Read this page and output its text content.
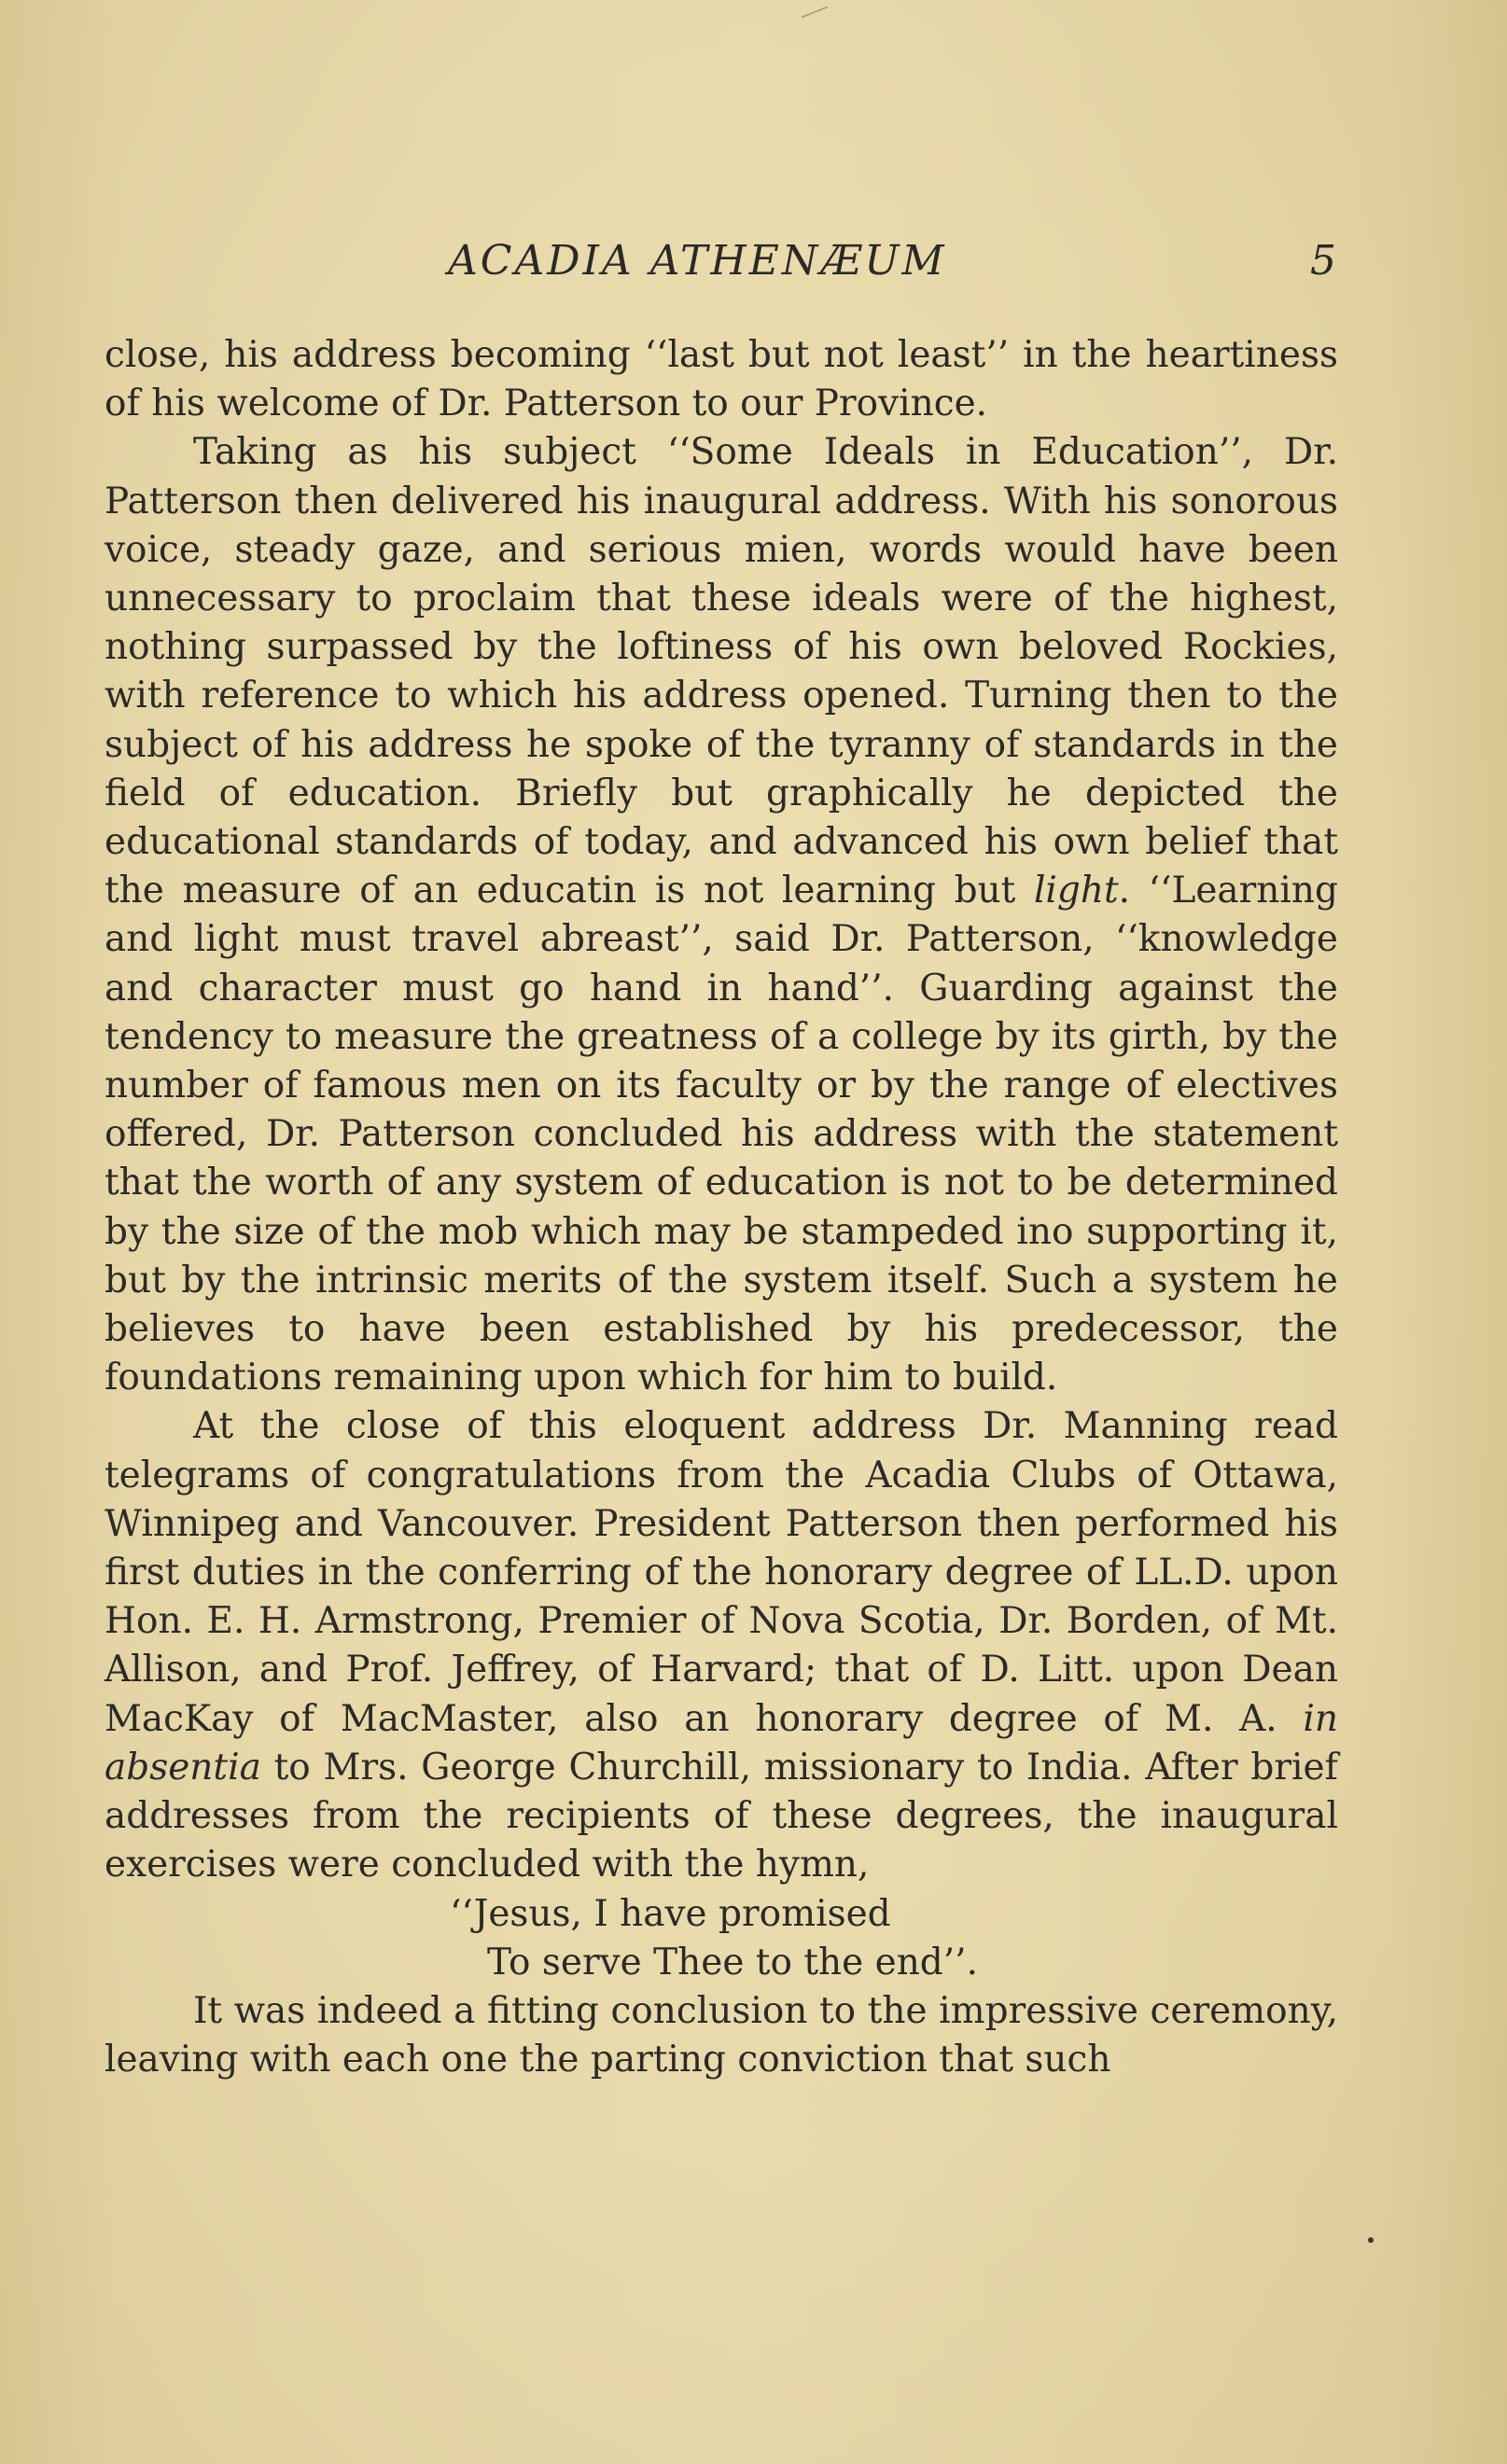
ACADIA ATHENÆUM	5

close, his address becoming ‘‘last but not least’’ in the heartiness of his welcome of Dr. Patterson to our Province.

Taking as his subject ‘‘Some Ideals in Education’’, Dr. Patterson then delivered his inaugural address. With his sonorous voice, steady gaze, and serious mien, words would have been unnecessary to proclaim that these ideals were of the highest, nothing surpassed by the loftiness of his own beloved Rockies, with reference to which his address opened. Turning then to the subject of his address he spoke of the tyranny of standards in the field of education. Briefly but graphically he depicted the educational standards of today, and advanced his own belief that the measure of an educatin is not learning but light. ‘‘Learning and light must travel abreast’’, said Dr. Patterson, ‘‘knowledge and character must go hand in hand’’. Guarding against the tendency to measure the greatness of a college by its girth, by the number of famous men on its faculty or by the range of electives offered, Dr. Patterson concluded his address with the statement that the worth of any system of education is not to be determined by the size of the mob which may be stampeded ino supporting it, but by the intrinsic merits of the system itself. Such a system he believes to have been established by his predecessor, the foundations remaining upon which for him to build.

At the close of this eloquent address Dr. Manning read telegrams of congratulations from the Acadia Clubs of Ottawa, Winnipeg and Vancouver. President Patterson then performed his first duties in the conferring of the honorary degree of LL.D. upon Hon. E. H. Armstrong, Premier of Nova Scotia, Dr. Borden, of Mt. Allison, and Prof. Jeffrey, of Harvard; that of D. Litt. upon Dean MacKay of MacMaster, also an honorary degree of M. A. in absentia to Mrs. George Churchill, missionary to India. After brief addresses from the recipients of these degrees, the inaugural exercises were concluded with the hymn,

‘‘Jesus, I have promised

To serve Thee to the end’’.

It was indeed a fitting conclusion to the impressive ceremony, leaving with each one the parting conviction that such
